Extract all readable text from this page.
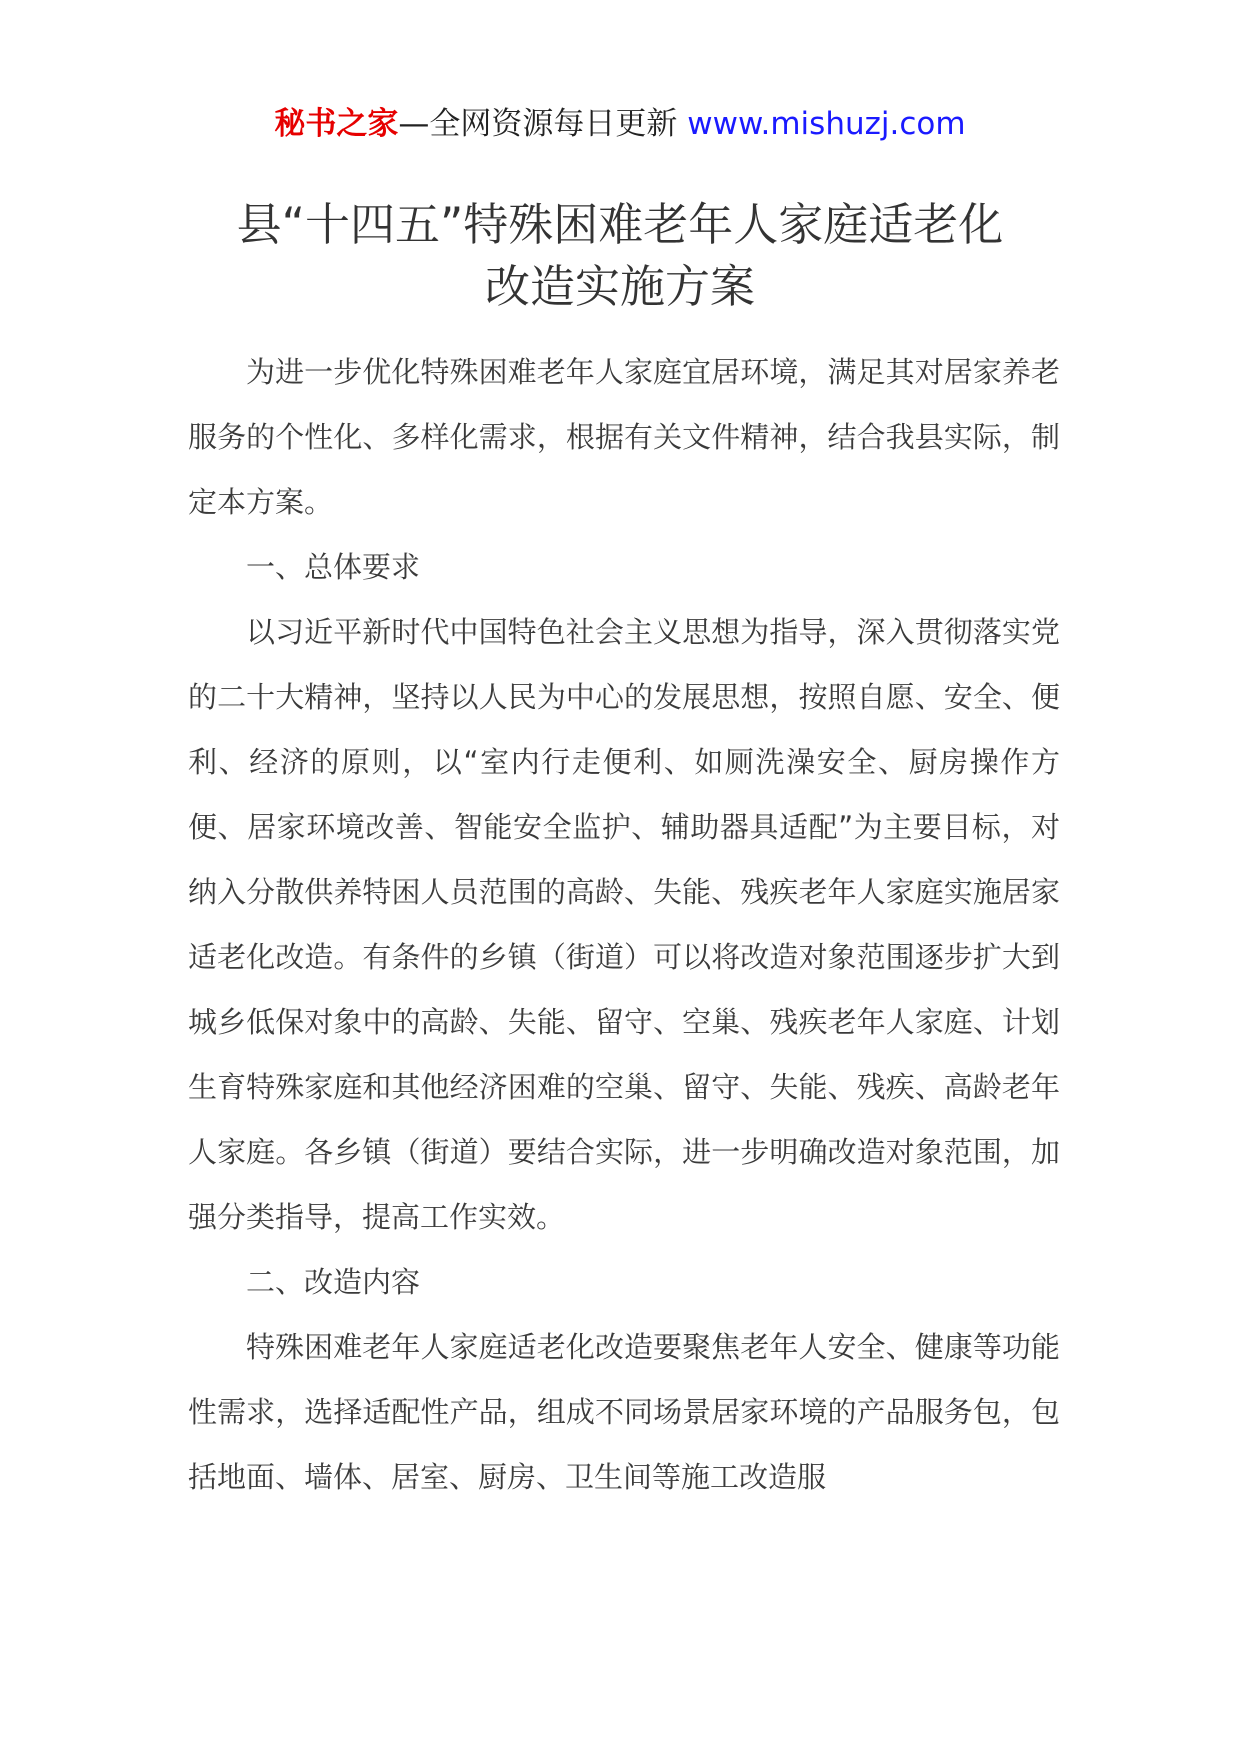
秘书之家—全网资源每日更新 www.mishuzj.com
县“十四五”特殊困难老年人家庭适老化
改造实施方案

为进一步优化特殊困难老年人家庭宜居环境，满足其对居家养老服务的个性化、多样化需求，根据有关文件精神，结合我县实际，制定本方案。

一、总体要求

以习近平新时代中国特色社会主义思想为指导，深入贯彻落实党的二十大精神，坚持以人民为中心的发展思想，按照自愿、安全、便利、经济的原则，以“室内行走便利、如厕洗澡安全、厨房操作方便、居家环境改善、智能安全监护、辅助器具适配”为主要目标，对纳入分散供养特困人员范围的高龄、失能、残疾老年人家庭实施居家适老化改造。有条件的乡镇（街道）可以将改造对象范围逐步扩大到城乡低保对象中的高龄、失能、留守、空巢、残疾老年人家庭、计划生育特殊家庭和其他经济困难的空巢、留守、失能、残疾、高龄老年人家庭。各乡镇（街道）要结合实际，进一步明确改造对象范围，加强分类指导，提高工作实效。

二、改造内容

特殊困难老年人家庭适老化改造要聚焦老年人安全、健康等功能性需求，选择适配性产品，组成不同场景居家环境的产品服务包，包括地面、墙体、居室、厨房、卫生间等施工改造服
